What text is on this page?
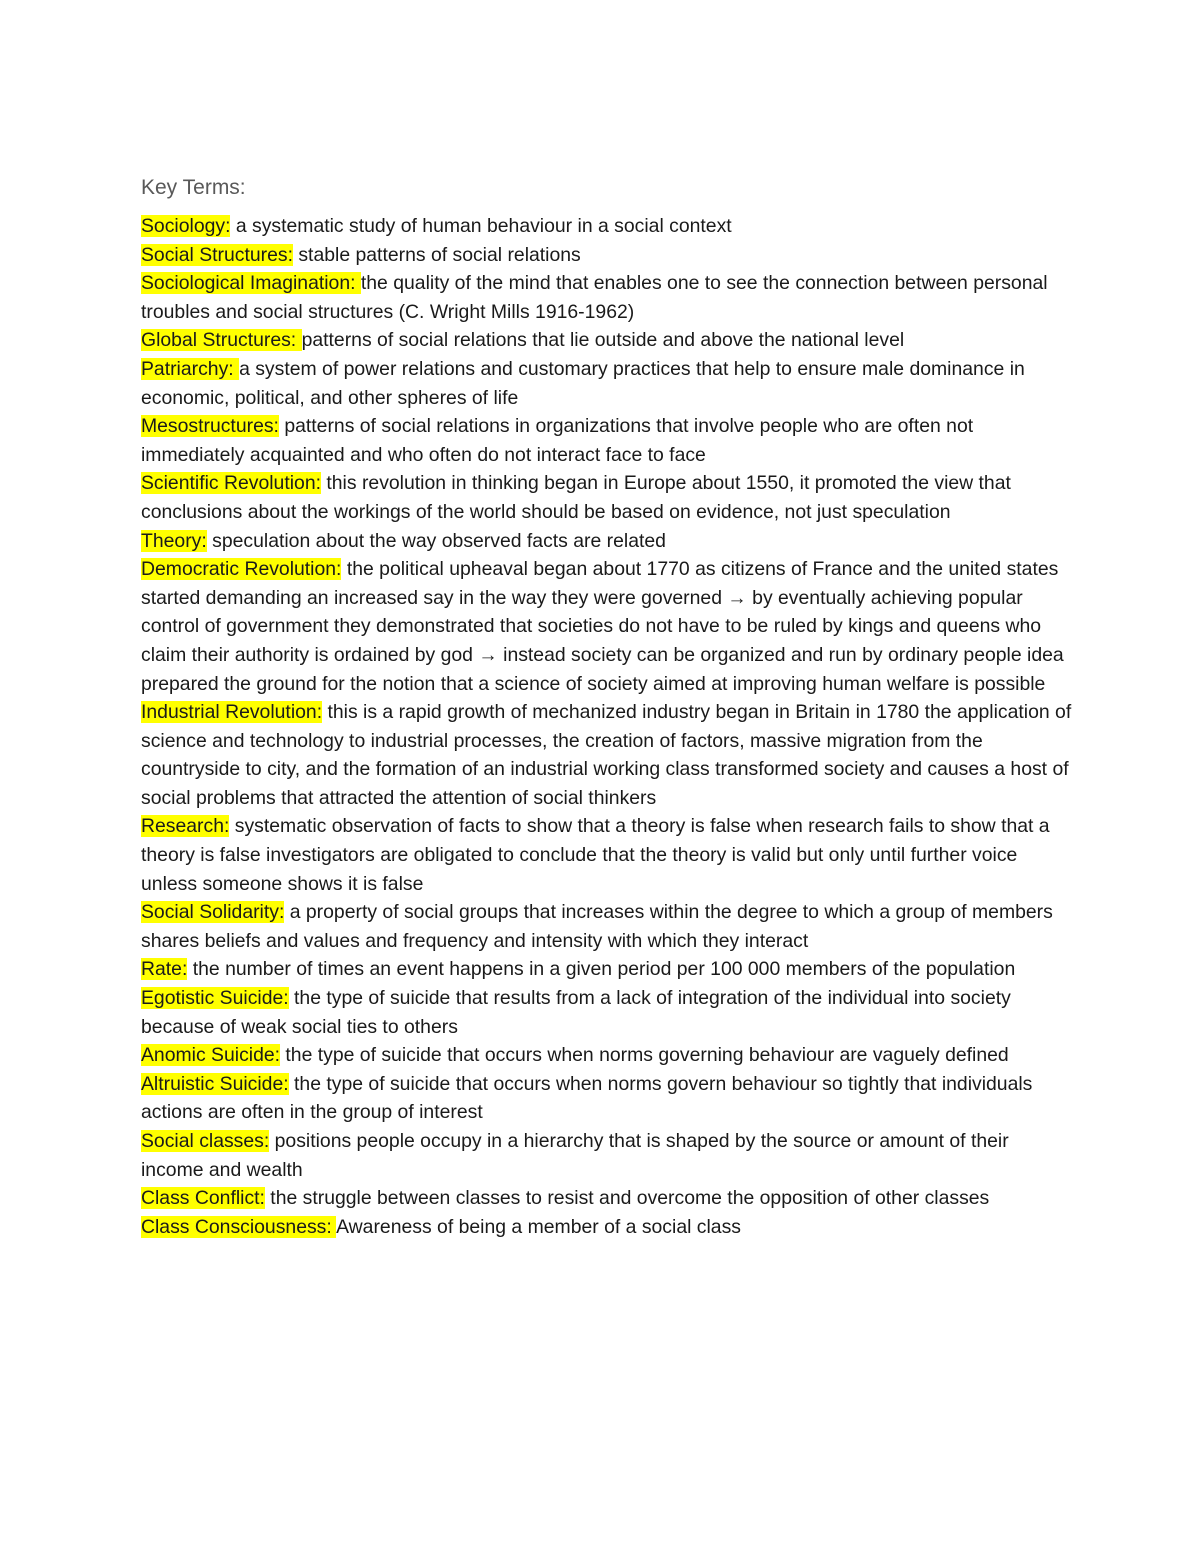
Key Terms:

Sociology: a systematic study of human behaviour in a social context

Social Structures: stable patterns of social relations

Sociological Imagination: the quality of the mind that enables one to see the connection between personal troubles and social structures (C. Wright Mills 1916-1962)

Global Structures: patterns of social relations that lie outside and above the national level

Patriarchy: a system of power relations and customary practices that help to ensure male dominance in economic, political, and other spheres of life

Mesostructures: patterns of social relations in organizations that involve people who are often not immediately acquainted and who often do not interact face to face

Scientific Revolution: this revolution in thinking began in Europe about 1550, it promoted the view that conclusions about the workings of the world should be based on evidence, not just speculation

Theory: speculation about the way observed facts are related

Democratic Revolution: the political upheaval began about 1770 as citizens of France and the united states started demanding an increased say in the way they were governed → by eventually achieving popular control of government they demonstrated that societies do not have to be ruled by kings and queens who claim their authority is ordained by god → instead society can be organized and run by ordinary people idea prepared the ground for the notion that a science of society aimed at improving human welfare is possible

Industrial Revolution: this is a rapid growth of mechanized industry began in Britain in 1780 the application of science and technology to industrial processes, the creation of factors, massive migration from the countryside to city, and the formation of an industrial working class transformed society and causes a host of social problems that attracted the attention of social thinkers

Research: systematic observation of facts to show that a theory is false when research fails to show that a theory is false investigators are obligated to conclude that the theory is valid but only until further voice unless someone shows it is false

Social Solidarity: a property of social groups that increases within the degree to which a group of members shares beliefs and values and frequency and intensity with which they interact

Rate: the number of times an event happens in a given period per 100 000 members of the population

Egotistic Suicide: the type of suicide that results from a lack of integration of the individual into society because of weak social ties to others

Anomic Suicide: the type of suicide that occurs when norms governing behaviour are vaguely defined

Altruistic Suicide: the type of suicide that occurs when norms govern behaviour so tightly that individuals actions are often in the group of interest

Social classes: positions people occupy in a hierarchy that is shaped by the source or amount of their income and wealth

Class Conflict: the struggle between classes to resist and overcome the opposition of other classes

Class Consciousness: Awareness of being a member of a social class
